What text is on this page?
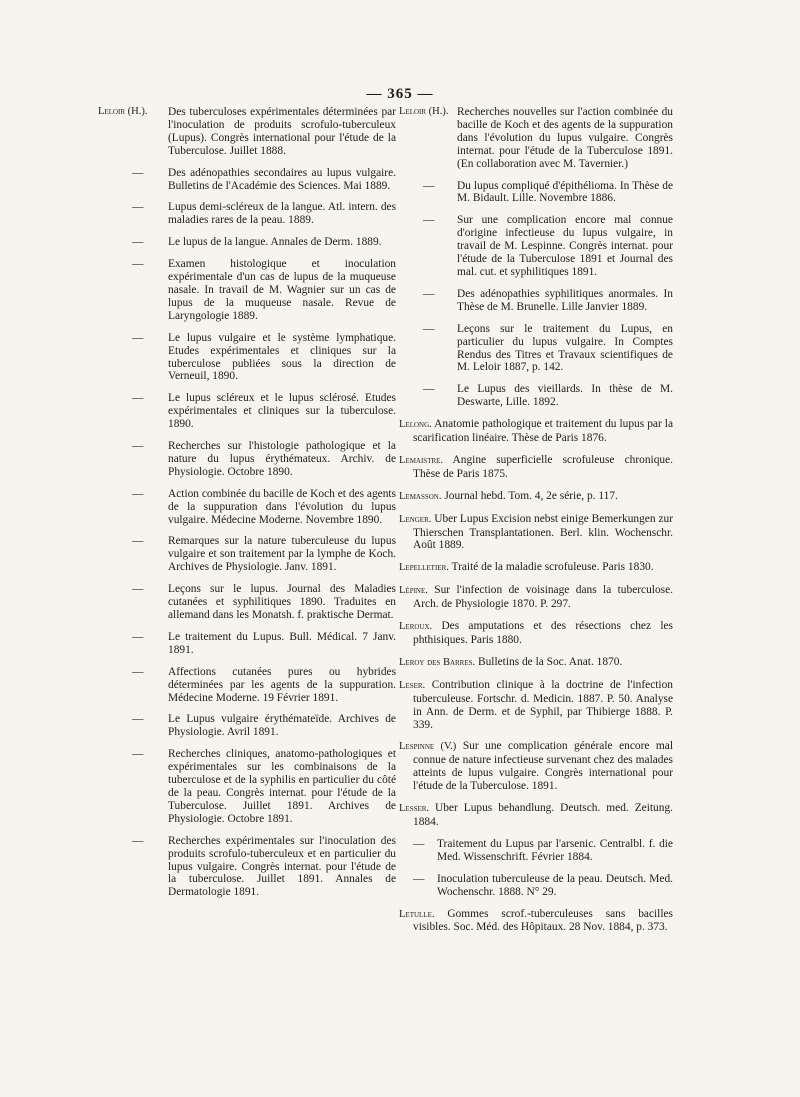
— 365 —
Leloir (H.).	Des tuberculoses expérimentales déterminées par l'inoculation de produits scrofulo-tuberculeux (Lupus). Congrès international pour l'étude de la Tuberculose. Juillet 1888.
— Des adénopathies secondaires au lupus vulgaire. Bulletins de l'Académie des Sciences. Mai 1889.
— Lupus demi-scléreux de la langue. Atl. intern. des maladies rares de la peau. 1889.
— Le lupus de la langue. Annales de Derm. 1889.
— Examen histologique et inoculation expérimentale d'un cas de lupus de la muqueuse nasale. In travail de M. Wagnier sur un cas de lupus de la muqueuse nasale. Revue de Laryngologie 1889.
— Le lupus vulgaire et le système lymphatique. Etudes expérimentales et cliniques sur la tuberculose publiées sous la direction de Verneuil, 1890.
— Le lupus scléreux et le lupus sclérosé. Etudes expérimentales et cliniques sur la tuberculose. 1890.
— Recherches sur l'histologie pathologique et la nature du lupus érythémateux. Archiv. de Physiologie. Octobre 1890.
— Action combinée du bacille de Koch et des agents de la suppuration dans l'évolution du lupus vulgaire. Médecine Moderne. Novembre 1890.
— Remarques sur la nature tuberculeuse du lupus vulgaire et son traitement par la lymphe de Koch. Archives de Physiologie. Janv. 1891.
— Leçons sur le lupus. Journal des Maladies cutanées et syphilitiques 1890. Traduites en allemand dans les Monatsh. f. praktische Dermat.
— Le traitement du Lupus. Bull. Médical. 7 Janv. 1891.
— Affections cutanées pures ou hybrides déterminées par les agents de la suppuration. Médecine Moderne. 19 Février 1891.
— Le Lupus vulgaire érythémateïde. Archives de Physiologie. Avril 1891.
— Recherches cliniques, anatomo-pathologiques et expérimentales sur les combinaisons de la tuberculose et de la syphilis en particulier du côté de la peau. Congrès internat. pour l'étude de la Tuberculose. Juillet 1891. Archives de Physiologie. Octobre 1891.
— Recherches expérimentales sur l'inoculation des produits scrofulo-tuberculeux et en particulier du lupus vulgaire. Congrès internat. pour l'étude de la tuberculose. Juillet 1891. Annales de Dermatologie 1891.
Leloir (H.). Recherches nouvelles sur l'action combinée du bacille de Koch et des agents de la suppuration dans l'évolution du lupus vulgaire. Congrès internat. pour l'étude de la Tuberculose 1891. (En collaboration avec M. Tavernier.)
— Du lupus compliqué d'épithélioma. In Thèse de M. Bidault. Lille. Novembre 1886.
— Sur une complication encore mal connue d'origine infectieuse du lupus vulgaire, in travail de M. Lespinne. Congrès internat. pour l'étude de la Tuberculose 1891 et Journal des mal. cut. et syphilitiques 1891.
— Des adénopathies syphilitiques anormales. In Thèse de M. Brunelle. Lille Janvier 1889.
— Leçons sur le traitement du Lupus, en particulier du lupus vulgaire. In Comptes Rendus des Titres et Travaux scientifiques de M. Leloir 1887, p. 142.
— Le Lupus des vieillards. In thèse de M. Deswarte, Lille. 1892.
Lelong. Anatomie pathologique et traitement du lupus par la scarification linéaire. Thèse de Paris 1876.
Lemaistre. Angine superficielle scrofuleuse chronique. Thèse de Paris 1875.
Lemasson. Journal hebd. Tom. 4, 2e série, p. 117.
Lenger. Uber Lupus Excision nebst einige Bemerkungen zur Thierschen Transplantationen. Berl. klin. Wochenschr. Août 1889.
Lepelletier. Traité de la maladie scrofuleuse. Paris 1830.
Lépine. Sur l'infection de voisinage dans la tuberculose. Arch. de Physiologie 1870. P. 297.
Leroux. Des amputations et des résections chez les phthisiques. Paris 1880.
Leroy des Barres. Bulletins de la Soc. Anat. 1870.
Leser. Contribution clinique à la doctrine de l'infection tuberculeuse. Fortschr. d. Medicin. 1887. P. 50. Analyse in Ann. de Derm. et de Syphil, par Thibierge 1888. P. 339.
Lespinne (V.) Sur une complication générale encore mal connue de nature infectieuse survenant chez des malades atteints de lupus vulgaire. Congrès international pour l'étude de la Tuberculose. 1891.
Lesser. Uber Lupus behandlung. Deutsch. med. Zeitung. 1884.
— Traitement du Lupus par l'arsenic. Centralbl. f. die Med. Wissenschrift. Février 1884.
— Inoculation tuberculeuse de la peau. Deutsch. Med. Wochenschr. 1888. N° 29.
Letulle. Gommes scrof.-tuberculeuses sans bacilles visibles. Soc. Méd. des Hôpitaux. 28 Nov. 1884, p. 373.
